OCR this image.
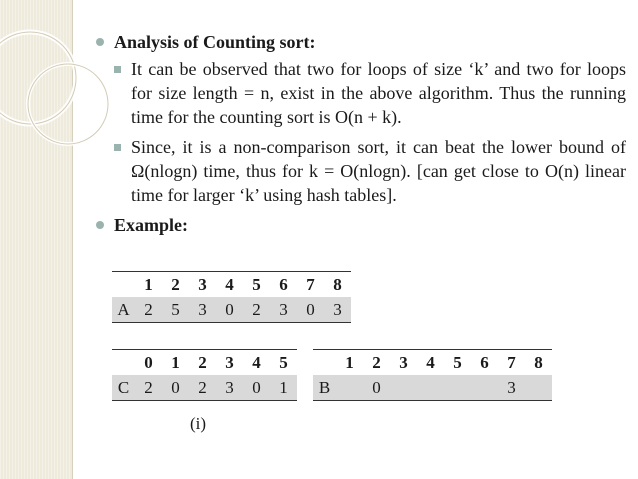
Analysis of Counting sort:
It can be observed that two for loops of size ‘k’ and two for loops for size length = n, exist in the above algorithm. Thus the running time for the counting sort is O(n + k).
Since, it is a non-comparison sort, it can beat the lower bound of Ω(nlogn) time, thus for k = O(nlogn). [can get close to O(n) linear time for larger ‘k’ using hash tables].
Example:
	1	2	3	4	5	6	7	8
A	2	5	3	0	2	3	0	3
	0	1	2	3	4	5
C	2	0	2	3	0	1
	1	2	3	4	5	6	7	8
B		0					3	
(i)
